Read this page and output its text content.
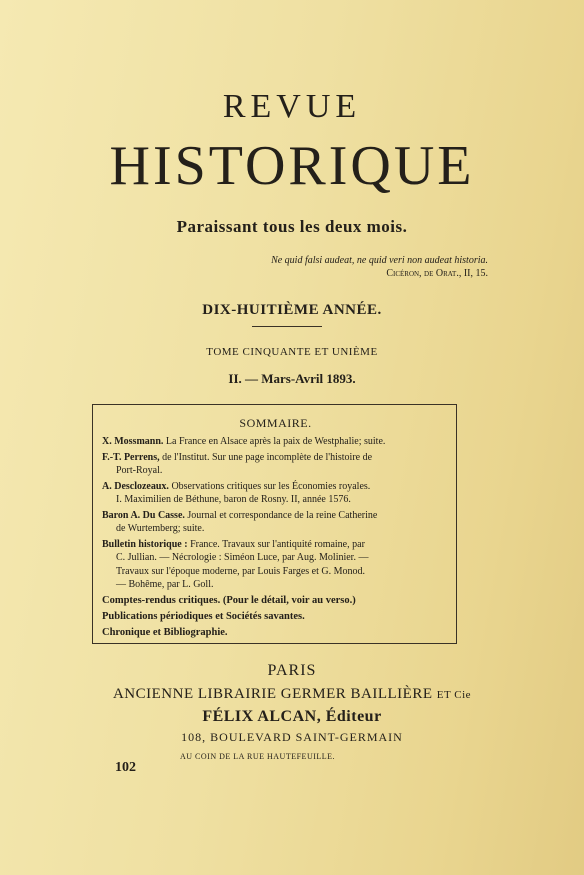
REVUE
HISTORIQUE
Paraissant tous les deux mois.
Ne quid falsi audeat, ne quid veri non audeat historia.
Cicéron, de Orat., II, 15.
DIX-HUITIÈME ANNÉE.
TOME CINQUANTE ET UNIÈME
II. — Mars-Avril 1893.
SOMMAIRE.
X. Mossmann. La France en Alsace après la paix de Westphalie; suite.
F.-T. Perrens, de l'Institut. Sur une page incomplète de l'histoire de
Port-Royal.
A. Desclozeaux. Observations critiques sur les Économies royales.
I. Maximilien de Béthune, baron de Rosny. II, année 1576.
Baron A. Du Casse. Journal et correspondance de la reine Catherine
de Wurtemberg; suite.
Bulletin historique : France. Travaux sur l'antiquité romaine, par
C. Jullian. — Nécrologie : Siméon Luce, par Aug. Molinier. —
Travaux sur l'époque moderne, par Louis Farges et G. Monod.
— Bohême, par L. Goll.
Comptes-rendus critiques. (Pour le détail, voir au verso.)
Publications périodiques et Sociétés savantes.
Chronique et Bibliographie.
PARIS
ANCIENNE LIBRAIRIE GERMER BAILLIÈRE ET Cie
FÉLIX ALCAN, Éditeur
108, BOULEVARD SAINT-GERMAIN
AU COIN DE LA RUE HAUTEFEUILLE.
102
